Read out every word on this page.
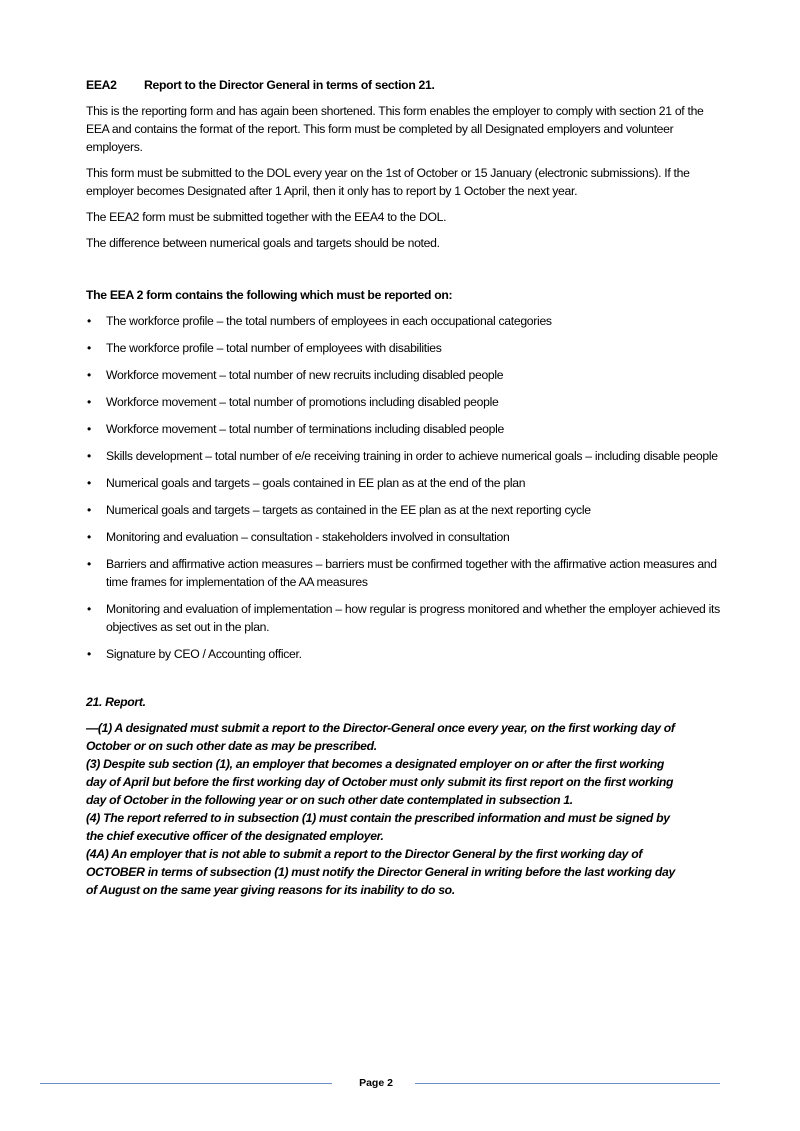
EEA2	Report to the Director General in terms of section 21.

This is the reporting form and has again been shortened. This form enables the employer to comply with section 21 of the EEA and contains the format of the report. This form must be completed by all Designated employers and volunteer employers.

This form must be submitted to the DOL every year on the 1st of October or 15 January (electronic submissions). If the employer becomes Designated after 1 April, then it only has to report by 1 October the next year.

The EEA2 form must be submitted together with the EEA4 to the DOL.

The difference between numerical goals and targets should be noted.

The EEA 2 form contains the following which must be reported on:
• The workforce profile – the total numbers of employees in each occupational categories
• The workforce profile – total number of employees with disabilities
• Workforce movement – total number of new recruits including disabled people
• Workforce movement – total number of promotions including disabled people
• Workforce movement – total number of terminations including disabled people
• Skills development – total number of e/e receiving training in order to achieve numerical goals – including disable people
• Numerical goals and targets – goals contained in EE plan as at the end of the plan
• Numerical goals and targets – targets as contained in the EE plan as at the next reporting cycle
• Monitoring and evaluation – consultation - stakeholders involved in consultation
• Barriers and affirmative action measures – barriers must be confirmed together with the affirmative action measures and time frames for implementation of the AA measures
• Monitoring and evaluation of implementation – how regular is progress monitored and whether the employer achieved its objectives as set out in the plan.
• Signature by CEO / Accounting officer.
21. Report.

—(1) A designated must submit a report to the Director-General once every year, on the first working day of October or on such other date as may be prescribed.

(3) Despite sub section (1), an employer that becomes a designated employer on or after the first working day of April but before the first working day of October must only submit its first report on the first working day of October in the following year or on such other date contemplated in subsection 1.

(4) The report referred to in subsection (1) must contain the prescribed information and must be signed by the chief executive officer of the designated employer.

(4A) An employer that is not able to submit a report to the Director General by the first working day of OCTOBER in terms of subsection (1) must notify the Director General in writing before the last working day of August on the same year giving reasons for its inability to do so.

Page 2
